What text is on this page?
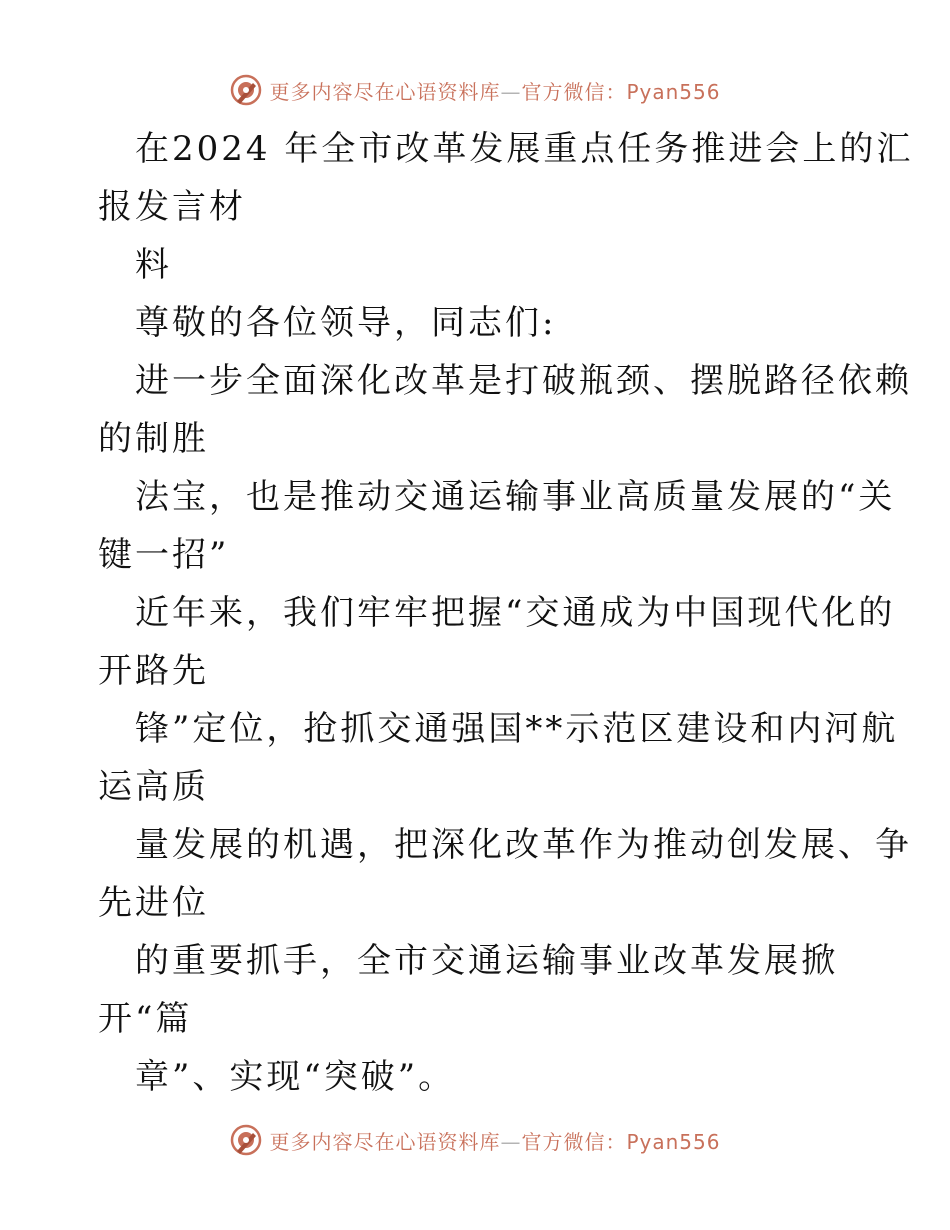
更多内容尽在心语资料库—官方微信：Pyan556
在2024 年全市改革发展重点任务推进会上的汇
报发言材
料
尊敬的各位领导，同志们:
进一步全面深化改革是打破瓶颈、摆脱路径依赖
的制胜
法宝，也是推动交通运输事业高质量发展的“关
键一招”
近年来，我们牢牢把握“交通成为中国现代化的
开路先
锋”定位，抢抓交通强国**示范区建设和内河航
运高质
量发展的机遇，把深化改革作为推动创发展、争
先进位
的重要抓手，全市交通运输事业改革发展掀
开“篇
章”、实现“突破”。
更多内容尽在心语资料库—官方微信：Pyan556
